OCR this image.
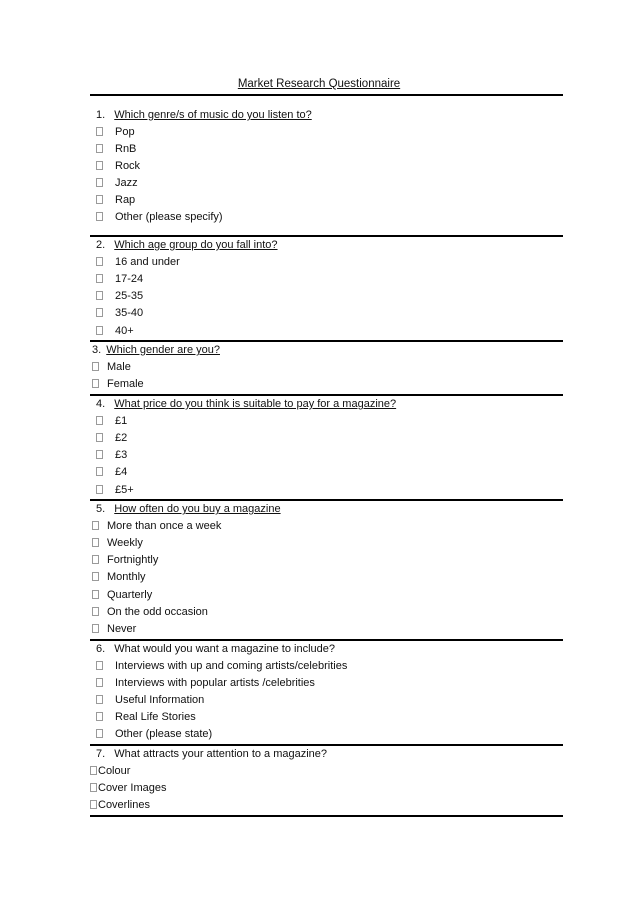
Market Research Questionnaire
1. Which genre/s of music do you listen to?
Pop
RnB
Rock
Jazz
Rap
Other (please specify)
2. Which age group do you fall into?
16 and under
17-24
25-35
35-40
40+
3. Which gender are you?
Male
Female
4. What price do you think is suitable to pay for a magazine?
£1
£2
£3
£4
£5+
5. How often do you buy a magazine
More than once a week
Weekly
Fortnightly
Monthly
Quarterly
On the odd occasion
Never
6. What would you want a magazine to include?
Interviews with up and coming artists/celebrities
Interviews with popular artists /celebrities
Useful Information
Real Life Stories
Other (please state)
7. What attracts your attention to a magazine?
Colour
Cover Images
Coverlines
